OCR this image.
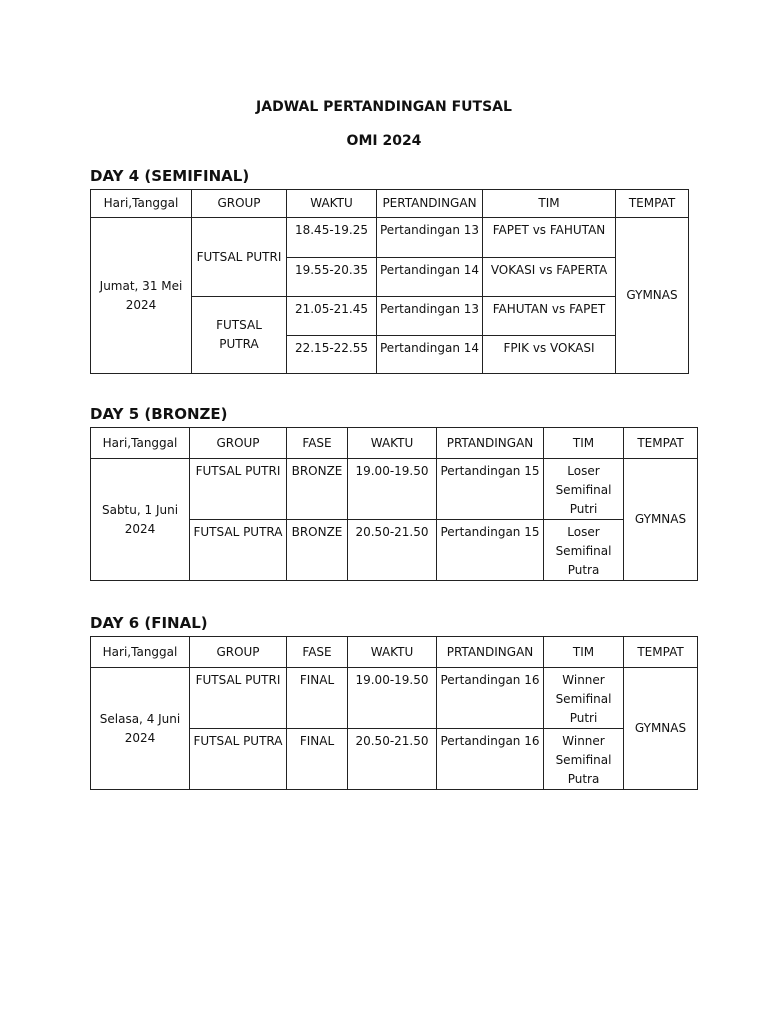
JADWAL PERTANDINGAN FUTSAL
OMI 2024
DAY 4 (SEMIFINAL)
Hari,Tanggal	GROUP	WAKTU	PERTANDINGAN	TIM	TEMPAT
Jumat, 31 Mei 2024	FUTSAL PUTRI	18.45-19.25	Pertandingan 13	FAPET vs FAHUTAN	GYMNAS
		19.55-20.35	Pertandingan 14	VOKASI vs FAPERTA	
	FUTSAL PUTRA	21.05-21.45	Pertandingan 13	FAHUTAN vs FAPET	
		22.15-22.55	Pertandingan 14	FPIK vs VOKASI	
DAY 5 (BRONZE)
Hari,Tanggal	GROUP	FASE	WAKTU	PRTANDINGAN	TIM	TEMPAT
Sabtu, 1 Juni 2024	FUTSAL PUTRI	BRONZE	19.00-19.50	Pertandingan 15	Loser Semifinal Putri	GYMNAS
	FUTSAL PUTRA	BRONZE	20.50-21.50	Pertandingan 15	Loser Semifinal Putra	
DAY 6 (FINAL)
Hari,Tanggal	GROUP	FASE	WAKTU	PRTANDINGAN	TIM	TEMPAT
Selasa, 4 Juni 2024	FUTSAL PUTRI	FINAL	19.00-19.50	Pertandingan 16	Winner Semifinal Putri	GYMNAS
	FUTSAL PUTRA	FINAL	20.50-21.50	Pertandingan 16	Winner Semifinal Putra	
